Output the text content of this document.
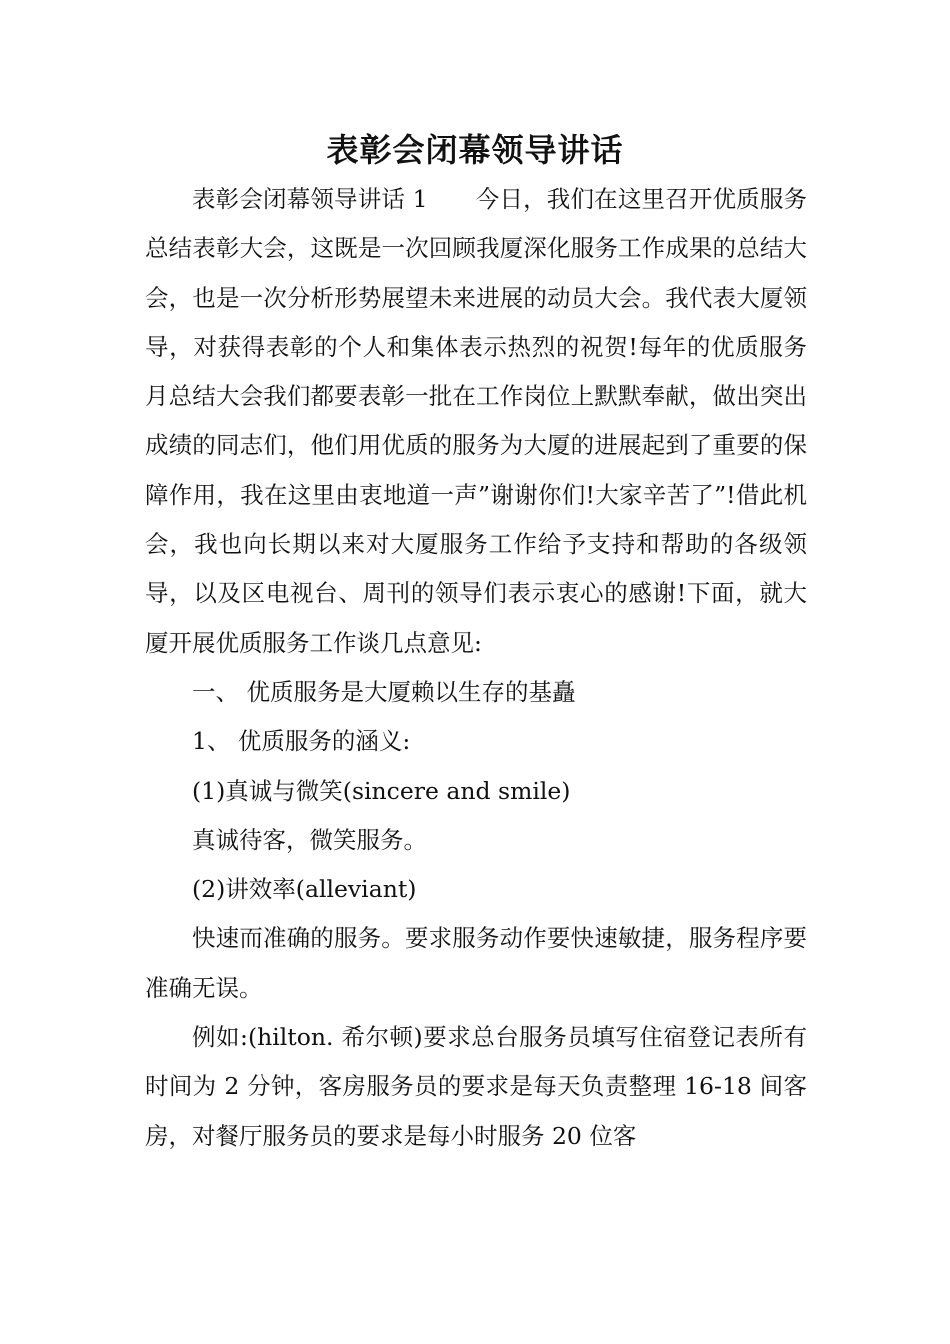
表彰会闭幕领导讲话

表彰会闭幕领导讲话 1 今日，我们在这里召开优质服务总结表彰大会，这既是一次回顾我厦深化服务工作成果的总结大会，也是一次分析形势展望未来进展的动员大会。我代表大厦领导，对获得表彰的个人和集体表示热烈的祝贺!每年的优质服务月总结大会我们都要表彰一批在工作岗位上默默奉献，做出突出成绩的同志们，他们用优质的服务为大厦的进展起到了重要的保障作用，我在这里由衷地道一声”谢谢你们!大家辛苦了”!借此机会，我也向长期以来对大厦服务工作给予支持和帮助的各级领导，以及区电视台、周刊的领导们表示衷心的感谢!下面，就大厦开展优质服务工作谈几点意见:

一、 优质服务是大厦赖以生存的基矗

1、 优质服务的涵义:

(1)真诚与微笑(sincere and smile)

真诚待客，微笑服务。

(2)讲效率(alleviant)

快速而准确的服务。要求服务动作要快速敏捷，服务程序要准确无误。

例如:(hilton. 希尔顿)要求总台服务员填写住宿登记表所有时间为 2 分钟，客房服务员的要求是每天负责整理 16-18 间客房，对餐厅服务员的要求是每小时服务 20 位客
